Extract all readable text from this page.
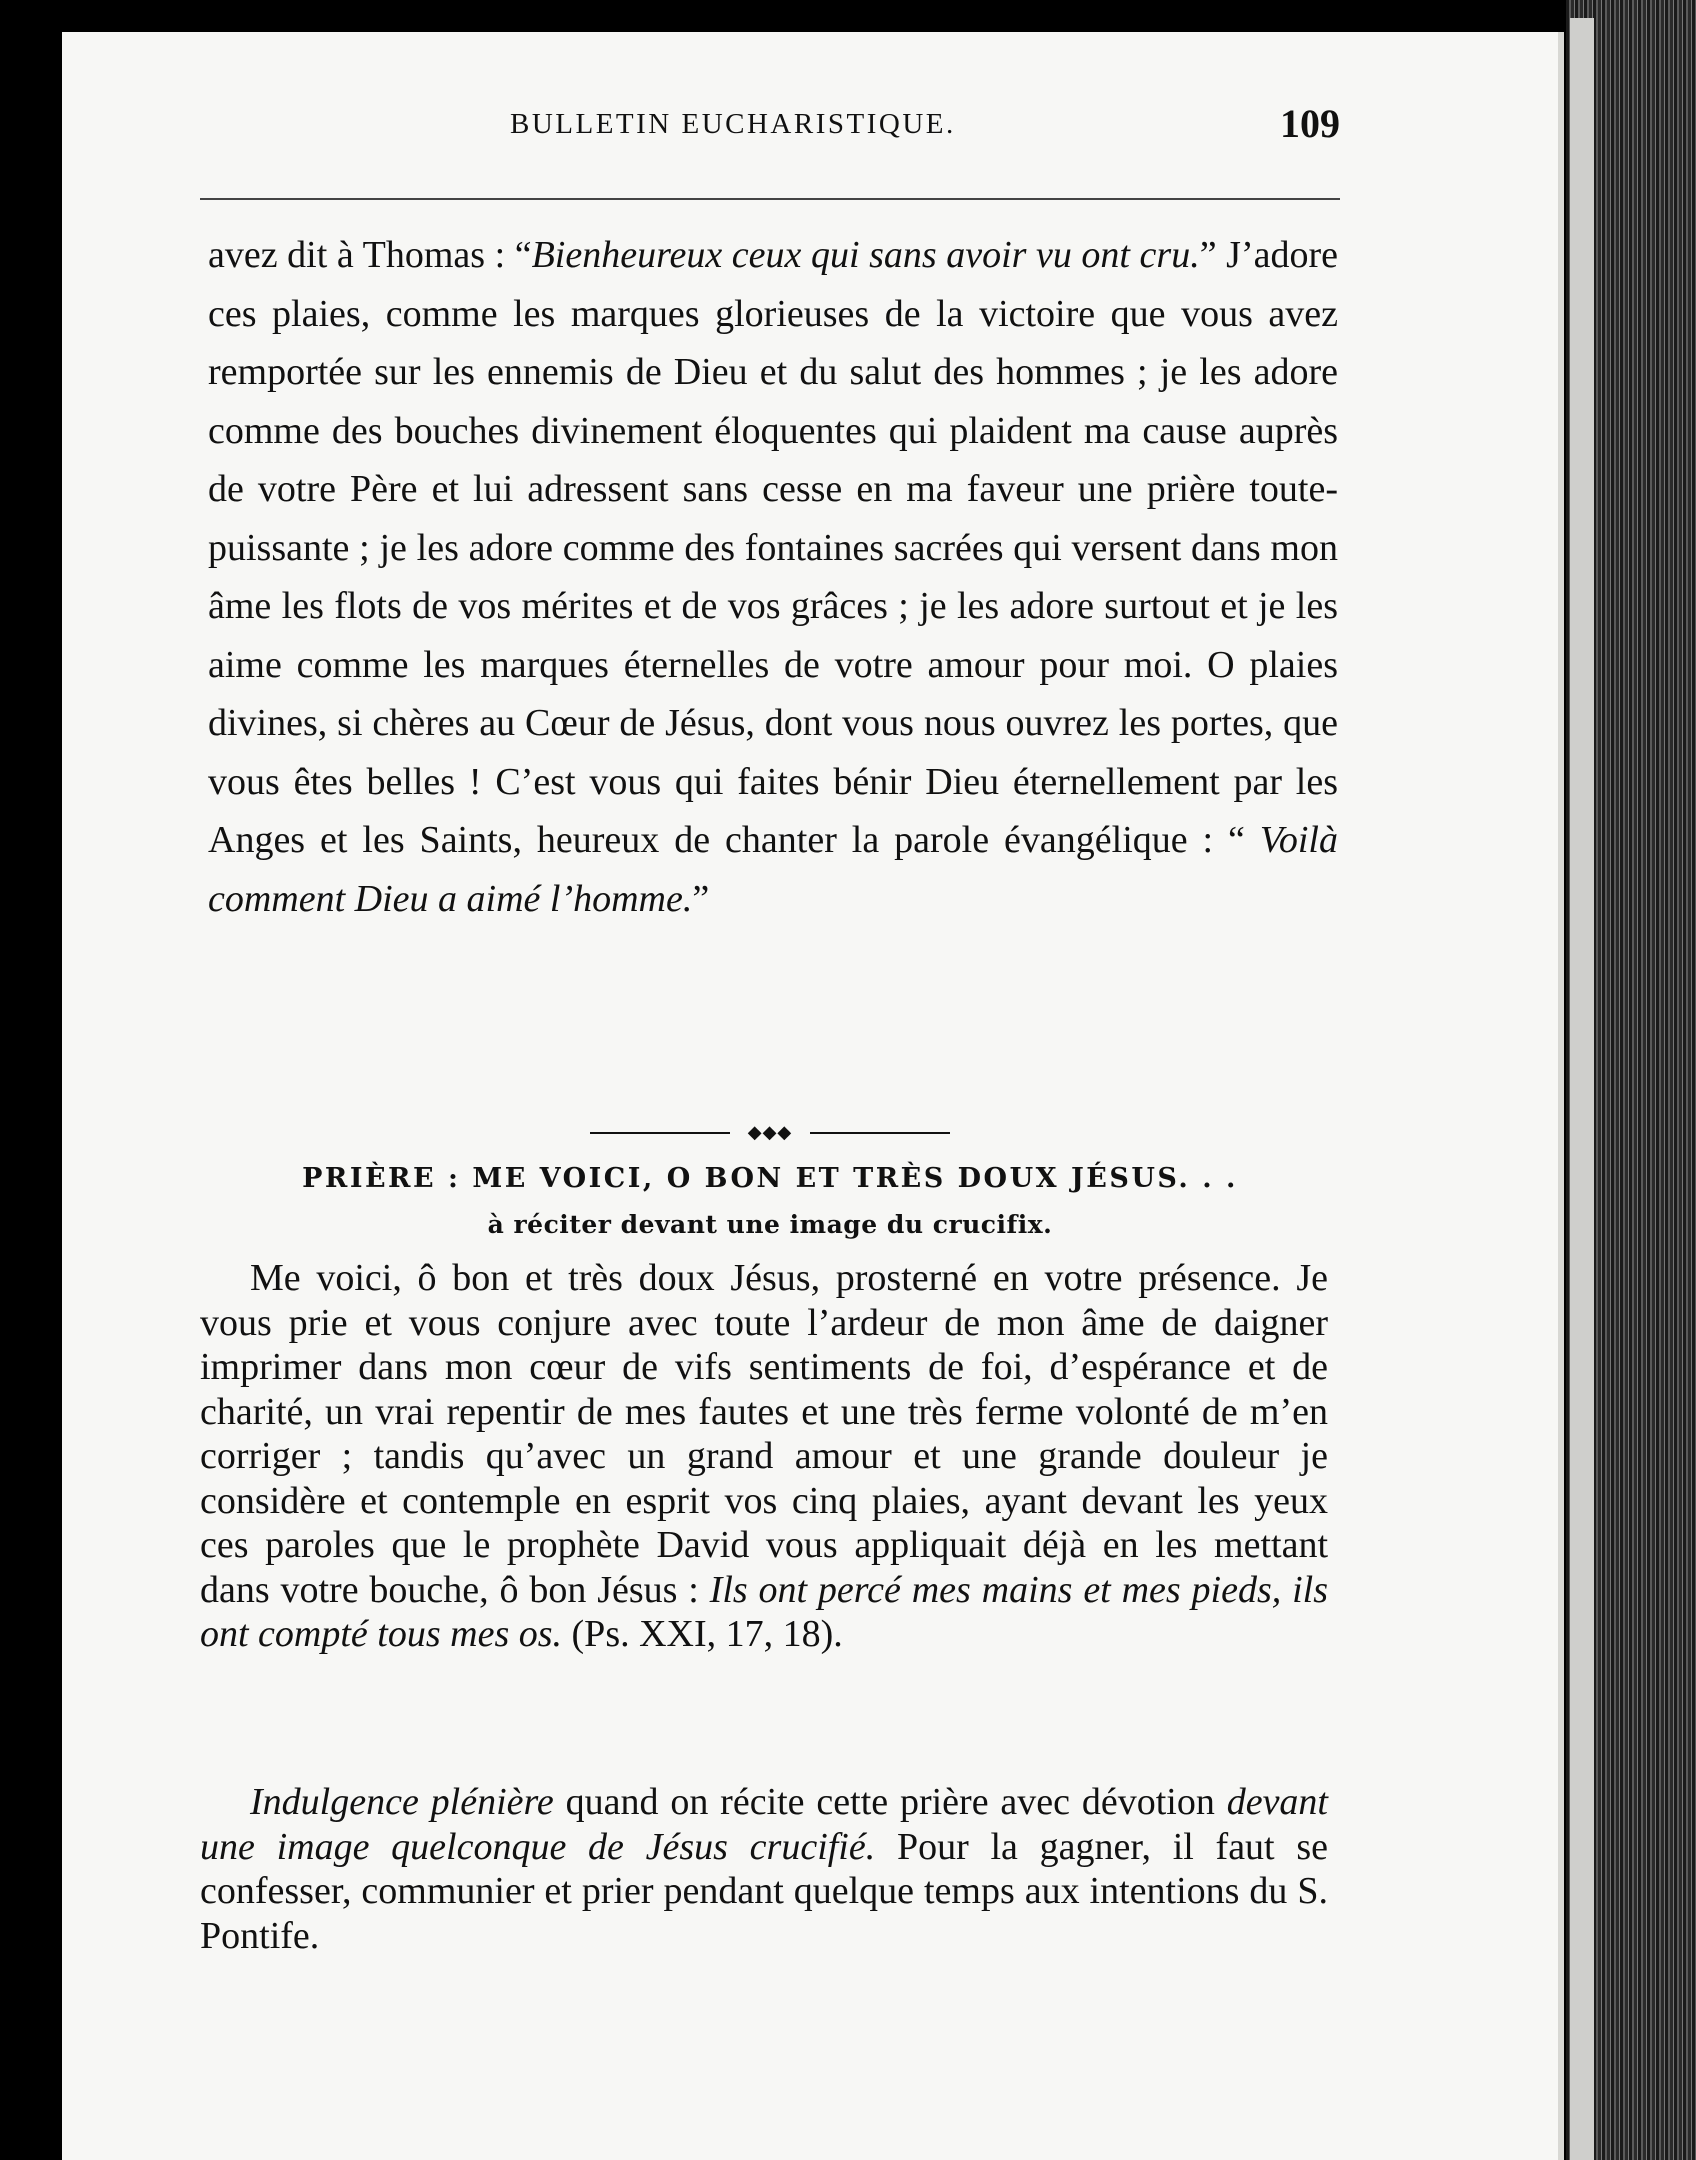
BULLETIN EUCHARISTIQUE.	109
avez dit à Thomas : “Bienheureux ceux qui sans avoir vu ont cru.” J’adore ces plaies, comme les marques glorieuses de la victoire que vous avez remportée sur les ennemis de Dieu et du salut des hommes ; je les adore comme des bouches divinement éloquentes qui plaident ma cause auprès de votre Père et lui adressent sans cesse en ma faveur une prière toute-puissante ; je les adore comme des fontaines sacrées qui versent dans mon âme les flots de vos mérites et de vos grâces ; je les adore surtout et je les aime comme les marques éternelles de votre amour pour moi. O plaies divines, si chères au Cœur de Jésus, dont vous nous ouvrez les portes, que vous êtes belles ! C’est vous qui faites bénir Dieu éternellement par les Anges et les Saints, heureux de chanter la parole évangélique : “ Voilà comment Dieu a aimé l’homme.”
◆◆◆
PRIÈRE : ME VOICI, O BON ET TRÈS DOUX JÉSUS. . .
à réciter devant une image du crucifix.
Me voici, ô bon et très doux Jésus, prosterné en votre présence. Je vous prie et vous conjure avec toute l’ardeur de mon âme de daigner imprimer dans mon cœur de vifs sentiments de foi, d’espérance et de charité, un vrai repentir de mes fautes et une très ferme volonté de m’en corriger ; tandis qu’avec un grand amour et une grande douleur je considère et contemple en esprit vos cinq plaies, ayant devant les yeux ces paroles que le prophète David vous appliquait déjà en les mettant dans votre bouche, ô bon Jésus : Ils ont percé mes mains et mes pieds, ils ont compté tous mes os. (Ps. XXI, 17, 18).
Indulgence plénière quand on récite cette prière avec dévotion devant une image quelconque de Jésus crucifié. Pour la gagner, il faut se confesser, communier et prier pendant quelque temps aux intentions du S. Pontife.
